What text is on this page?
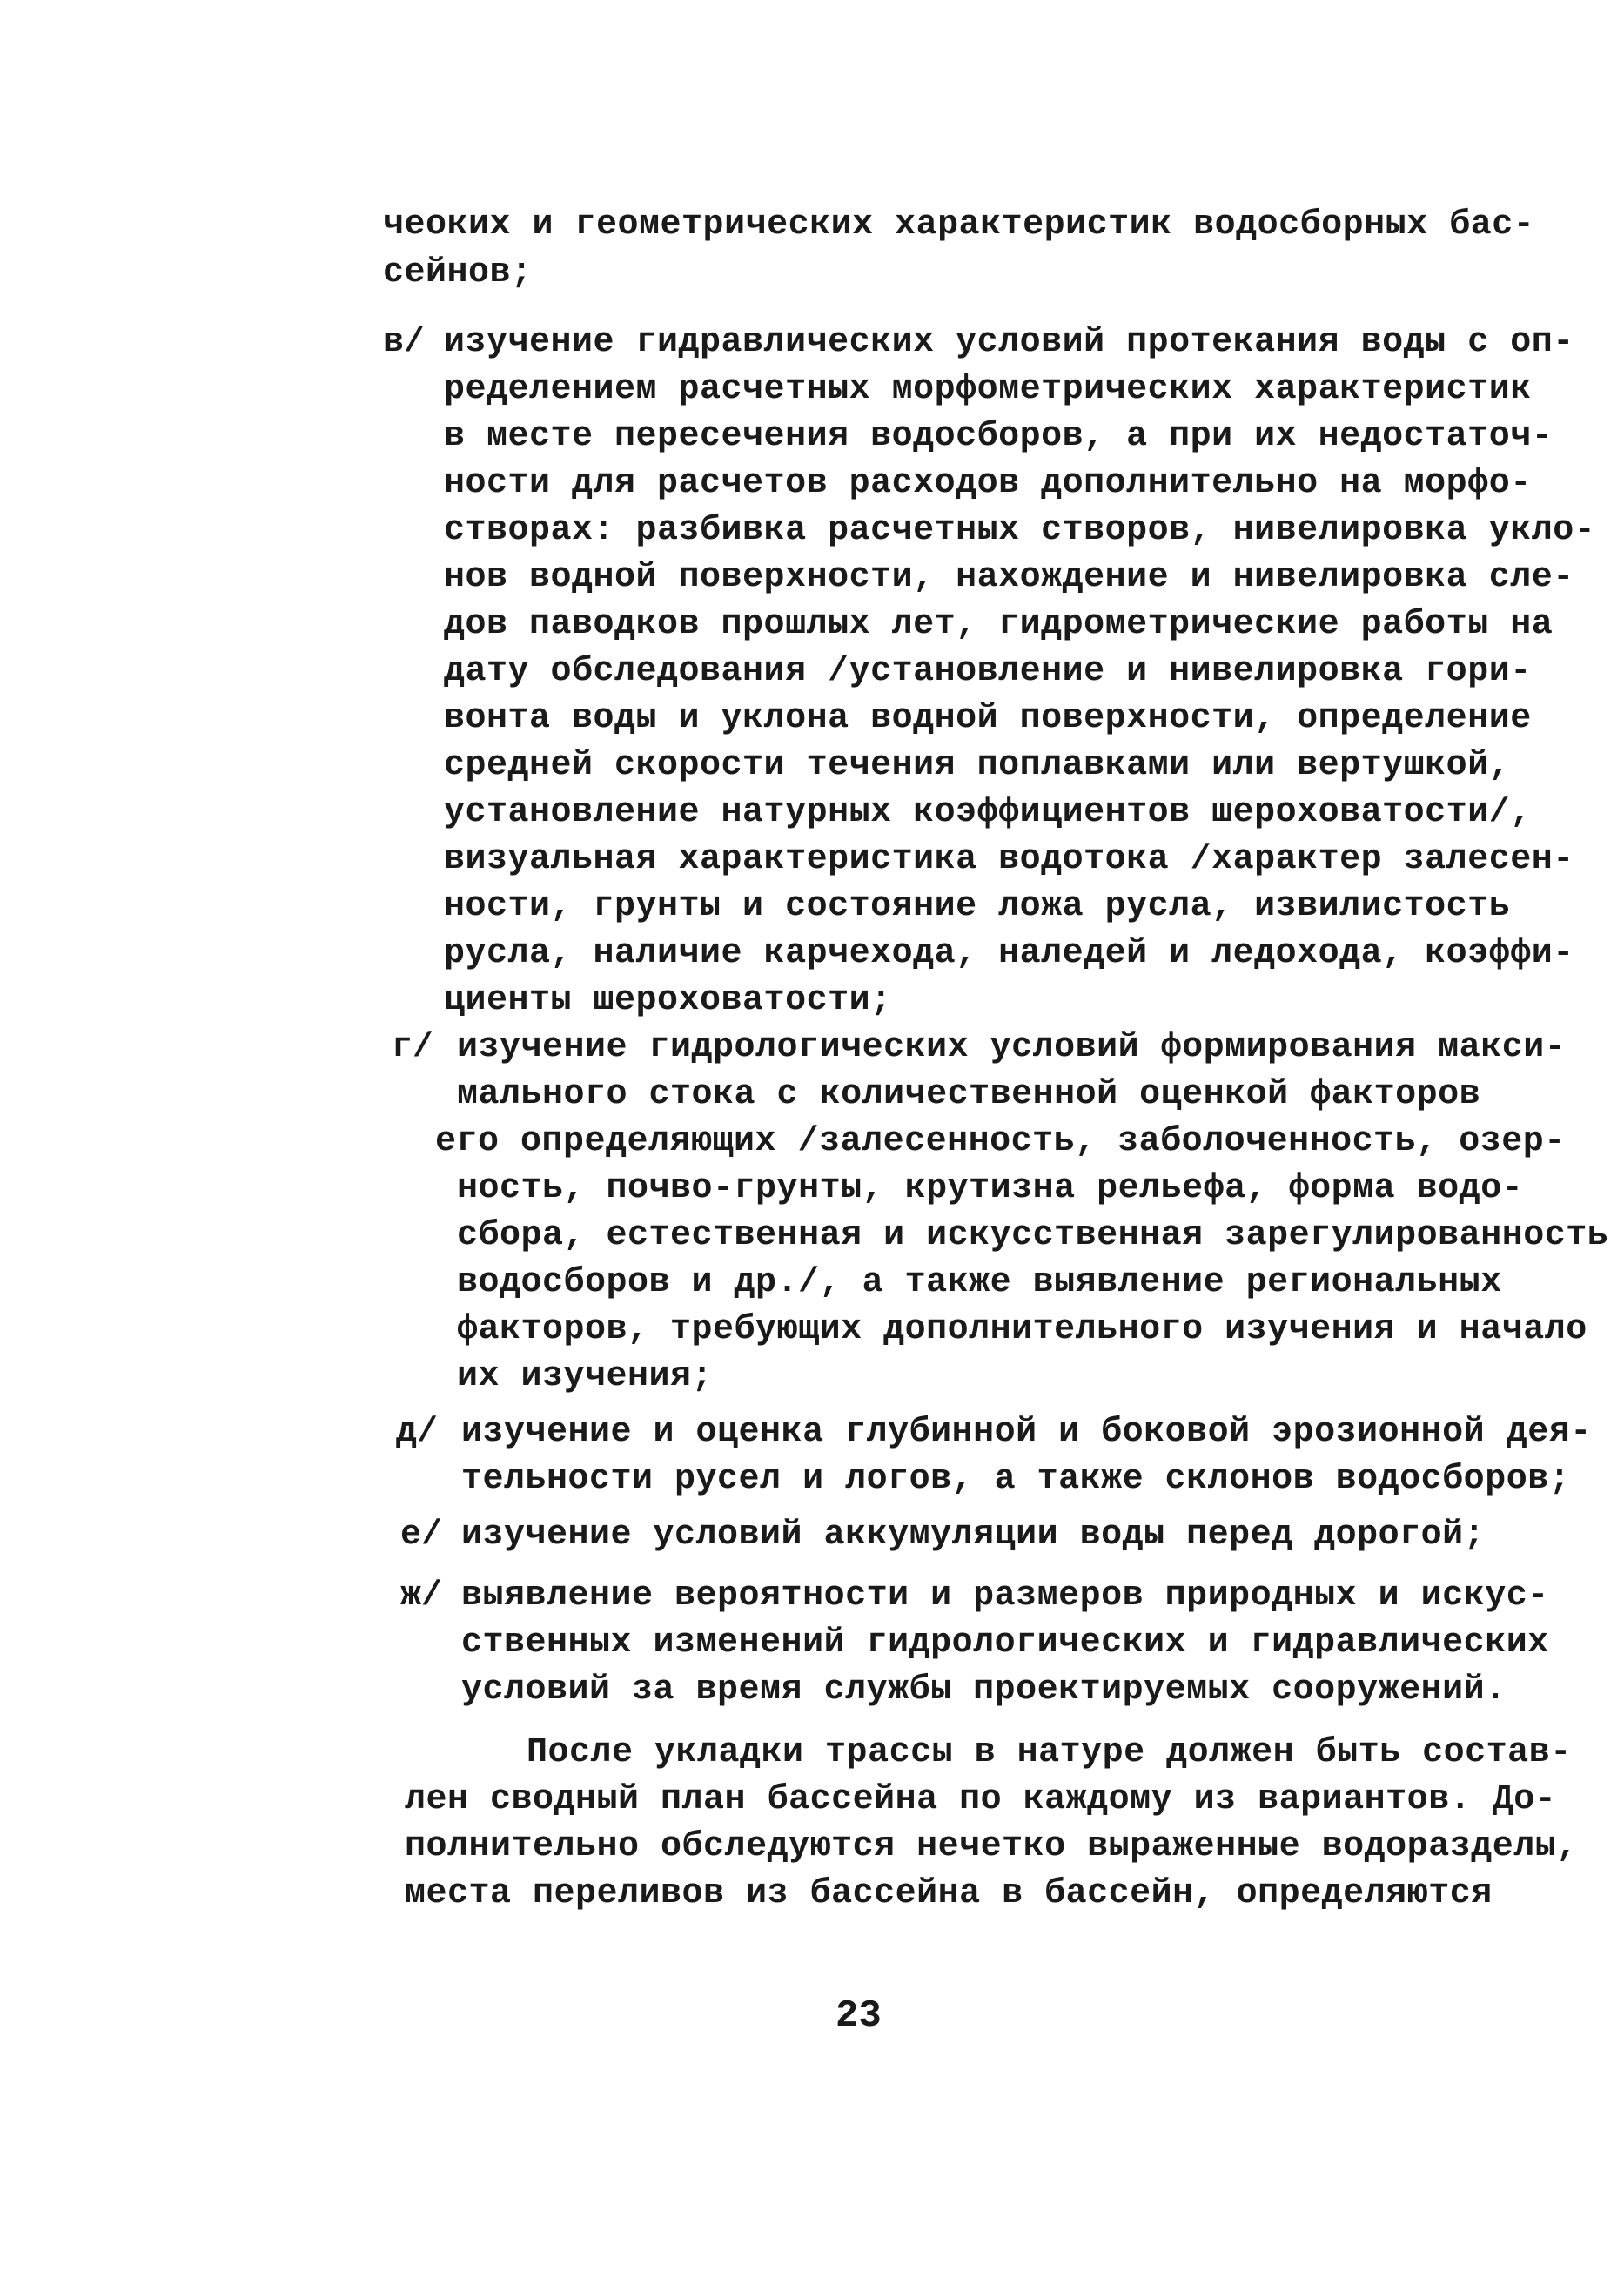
чеоких и геометрических характеристик водосборных бас-
сейнов;
в/ изучение гидравлических условий протекания воды с оп-
ределением расчетных морфометрических характеристик
в месте пересечения водосборов, а при их недостаточ-
ности для расчетов расходов дополнительно на морфо-
створах: разбивка расчетных створов, нивелировка укло-
нов водной поверхности, нахождение и нивелировка сле-
дов паводков прошлых лет, гидрометрические работы на
дату обследования /установление и нивелировка гори-
вонта воды и уклона водной поверхности, определение
средней скорости течения поплавками или вертушкой,
установление натурных коэффициентов шероховатости/,
визуальная характеристика водотока /характер залесен-
ности, грунты и состояние ложа русла, извилистость
русла, наличие карчехода, наледей и ледохода, коэффи-
циенты шероховатости;
г/ изучение гидрологических условий формирования макси-
мального стока с количественной оценкой факторов
его определяющих /залесенность, заболоченность, озер-
ность, почво-грунты, крутизна рельефа, форма водо-
сбора, естественная и искусственная зарегулированность
водосборов и др./, а также выявление региональных
факторов, требующих дополнительного изучения и начало
их изучения;
д/ изучение и оценка глубинной и боковой эрозионной дея-
тельности русел и логов, а также склонов водосборов;
е/ изучение условий аккумуляции воды перед дорогой;
ж/ выявление вероятности и размеров природных и искус-
ственных изменений гидрологических и гидравлических
условий за время службы проектируемых сооружений.
После укладки трассы в натуре должен быть состав-
лен сводный план бассейна по каждому из вариантов. До-
полнительно обследуются нечетко выраженные водоразделы,
места переливов из бассейна в бассейн, определяются
23
